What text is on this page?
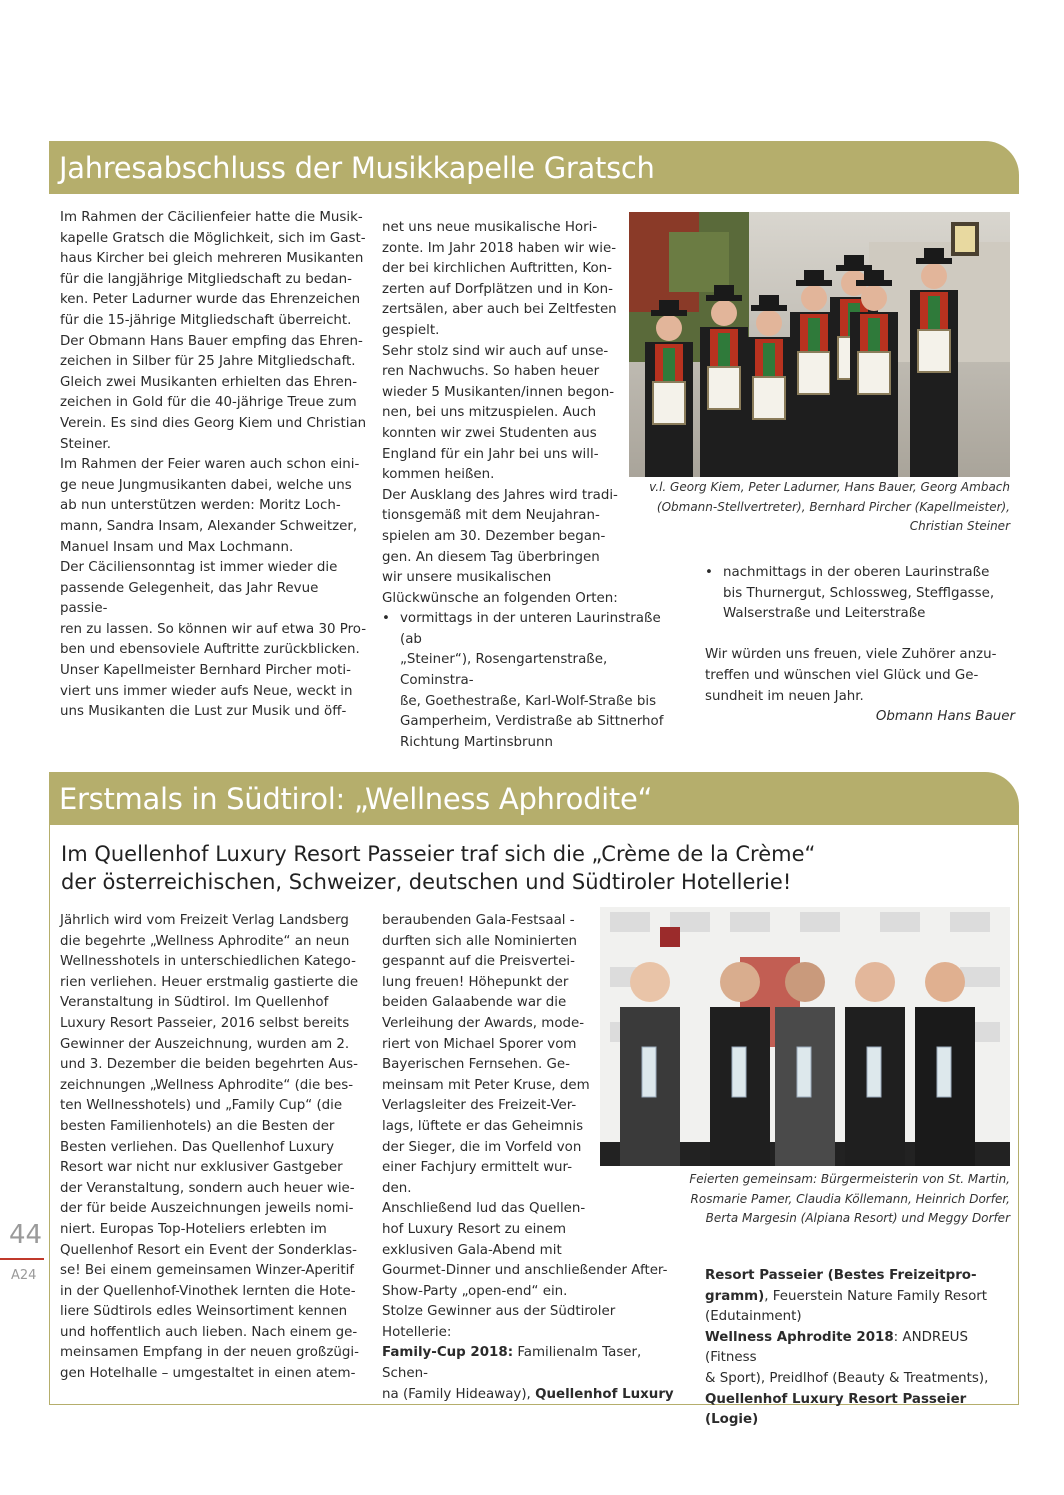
Jahresabschluss der Musikkapelle Gratsch

Im Rahmen der Cäcilienfeier hatte die Musik-

kapelle Gratsch die Möglichkeit, sich im Gast-

haus Kircher bei gleich mehreren Musikanten

für die langjährige Mitgliedschaft zu bedan-

ken. Peter Ladurner wurde das Ehrenzeichen

für die 15-jährige Mitgliedschaft überreicht.

Der Obmann Hans Bauer empfing das Ehren-

zeichen in Silber für 25 Jahre Mitgliedschaft.

Gleich zwei Musikanten erhielten das Ehren-

zeichen in Gold für die 40-jährige Treue zum

Verein. Es sind dies Georg Kiem und Christian

Steiner.

Im Rahmen der Feier waren auch schon eini-

ge neue Jungmusikanten dabei, welche uns

ab nun unterstützen werden: Moritz Loch-

mann, Sandra Insam, Alexander Schweitzer,

Manuel Insam und Max Lochmann.

Der Cäciliensonntag ist immer wieder die

passende Gelegenheit, das Jahr Revue passie-

ren zu lassen. So können wir auf etwa 30 Pro-

ben und ebensoviele Auftritte zurückblicken.

Unser Kapellmeister Bernhard Pircher moti-

viert uns immer wieder aufs Neue, weckt in

uns Musikanten die Lust zur Musik und öff-

net uns neue musikalische Hori-

zonte. Im Jahr 2018 haben wir wie-

der bei kirchlichen Auftritten, Kon-

zerten auf Dorfplätzen und in Kon-

zertsälen, aber auch bei Zeltfesten

gespielt.

Sehr stolz sind wir auch auf unse-

ren Nachwuchs. So haben heuer

wieder 5 Musikanten/innen begon-

nen, bei uns mitzuspielen. Auch

konnten wir zwei Studenten aus

England für ein Jahr bei uns will-

kommen heißen.

Der Ausklang des Jahres wird tradi-

tionsgemäß mit dem Neujahran-

spielen am 30. Dezember began-

gen. An diesem Tag überbringen

wir unsere musikalischen

Glückwünsche an folgenden Orten:

• vormittags in der unteren Laurinstraße (ab

„Steiner“), Rosengartenstraße, Cominstra-

ße, Goethestraße, Karl-Wolf-Straße bis

Gamperheim, Verdistraße ab Sittnerhof

Richtung Martinsbrunn

v.l. Georg Kiem, Peter Ladurner, Hans Bauer, Georg Ambach

(Obmann-Stellvertreter), Bernhard Pircher (Kapellmeister),

Christian Steiner

• nachmittags in der oberen Laurinstraße

bis Thurnergut, Schlossweg, Stefflgasse,

Walserstraße und Leiterstraße

Wir würden uns freuen, viele Zuhörer anzu-

treffen und wünschen viel Glück und Ge-

sundheit im neuen Jahr.

Obmann Hans Bauer

Erstmals in Südtirol: „Wellness Aphrodite“

Im Quellenhof Luxury Resort Passeier traf sich die „Crème de la Crème“

der österreichischen, Schweizer, deutschen und Südtiroler Hotellerie!

Jährlich wird vom Freizeit Verlag Landsberg

die begehrte „Wellness Aphrodite“ an neun

Wellnesshotels in unterschiedlichen Katego-

rien verliehen. Heuer erstmalig gastierte die

Veranstaltung in Südtirol. Im Quellenhof

Luxury Resort Passeier, 2016 selbst bereits

Gewinner der Auszeichnung, wurden am 2.

und 3. Dezember die beiden begehrten Aus-

zeichnungen „Wellness Aphrodite“ (die bes-

ten Wellnesshotels) und „Family Cup“ (die

besten Familienhotels) an die Besten der

Besten verliehen. Das Quellenhof Luxury

Resort war nicht nur exklusiver Gastgeber

der Veranstaltung, sondern auch heuer wie-

der für beide Auszeichnungen jeweils nomi-

niert. Europas Top-Hoteliers erlebten im

Quellenhof Resort ein Event der Sonderklas-

se! Bei einem gemeinsamen Winzer-Aperitif

in der Quellenhof-Vinothek lernten die Hote-

liere Südtirols edles Weinsortiment kennen

und hoffentlich auch lieben. Nach einem ge-

meinsamen Empfang in der neuen großzügi-

gen Hotelhalle – umgestaltet in einen atem-

beraubenden Gala-Festsaal -

durften sich alle Nominierten

gespannt auf die Preisvertei-

lung freuen! Höhepunkt der

beiden Galaabende war die

Verleihung der Awards, mode-

riert von Michael Sporer vom

Bayerischen Fernsehen. Ge-

meinsam mit Peter Kruse, dem

Verlagsleiter des Freizeit-Ver-

lags, lüftete er das Geheimnis

der Sieger, die im Vorfeld von

einer Fachjury ermittelt wur-

den.

Anschließend lud das Quellen-

hof Luxury Resort zu einem

exklusiven Gala-Abend mit

Gourmet-Dinner und anschließender After-

Show-Party „open-end“ ein.

Stolze Gewinner aus der Südtiroler

Hotellerie:

Family-Cup 2018: Familienalm Taser, Schen-

na (Family Hideaway), Quellenhof Luxury

Feierten gemeinsam: Bürgermeisterin von St. Martin,

Rosmarie Pamer, Claudia Köllemann, Heinrich Dorfer,

Berta Margesin (Alpiana Resort) und Meggy Dorfer

Resort Passeier (Bestes Freizeitpro-

gramm), Feuerstein Nature Family Resort

(Edutainment)

Wellness Aphrodite 2018: ANDREUS (Fitness

& Sport), Preidlhof (Beauty & Treatments),

Quellenhof Luxury Resort Passeier (Logie)

44
A24
